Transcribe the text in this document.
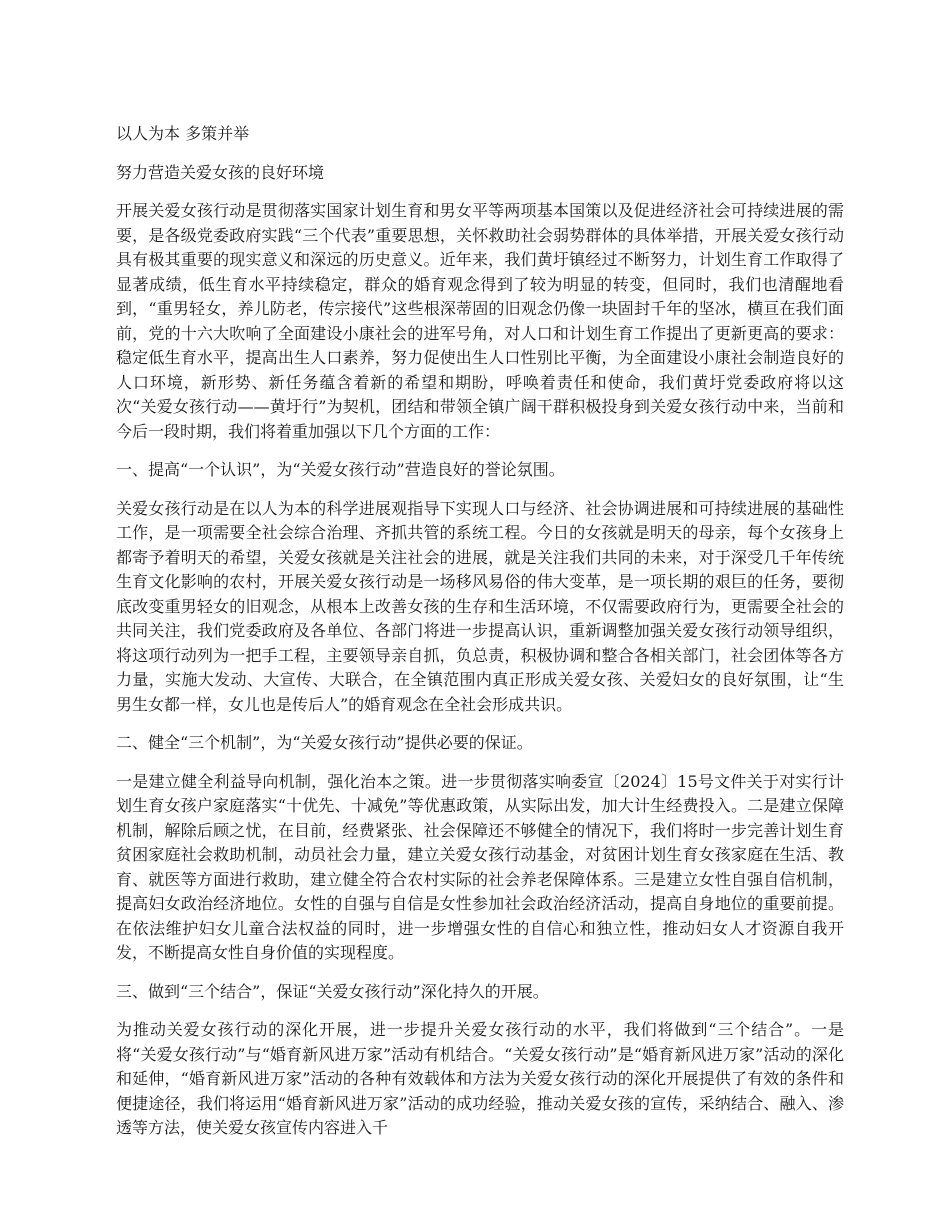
以人为本 多策并举
努力营造关爱女孩的良好环境
开展关爱女孩行动是贯彻落实国家计划生育和男女平等两项基本国策以及促进经济社会可持续进展的需要，是各级党委政府实践“三个代表”重要思想，关怀救助社会弱势群体的具体举措，开展关爱女孩行动具有极其重要的现实意义和深远的历史意义。近年来，我们黄圩镇经过不断努力，计划生育工作取得了显著成绩，低生育水平持续稳定，群众的婚育观念得到了较为明显的转变，但同时，我们也清醒地看到，“重男轻女，养儿防老，传宗接代”这些根深蒂固的旧观念仍像一块固封千年的坚冰，横亘在我们面前，党的十六大吹响了全面建设小康社会的进军号角，对人口和计划生育工作提出了更新更高的要求：稳定低生育水平，提高出生人口素养，努力促使出生人口性别比平衡，为全面建设小康社会制造良好的人口环境，新形势、新任务蕴含着新的希望和期盼，呼唤着责任和使命，我们黄圩党委政府将以这次“关爱女孩行动——黄圩行”为契机，团结和带领全镇广阔干群积极投身到关爱女孩行动中来，当前和今后一段时期，我们将着重加强以下几个方面的工作：
一、提高“一个认识”，为“关爱女孩行动”营造良好的誉论氛围。
关爱女孩行动是在以人为本的科学进展观指导下实现人口与经济、社会协调进展和可持续进展的基础性工作，是一项需要全社会综合治理、齐抓共管的系统工程。今日的女孩就是明天的母亲，每个女孩身上都寄予着明天的希望，关爱女孩就是关注社会的进展，就是关注我们共同的未来，对于深受几千年传统生育文化影响的农村，开展关爱女孩行动是一场移风易俗的伟大变革，是一项长期的艰巨的任务，要彻底改变重男轻女的旧观念，从根本上改善女孩的生存和生活环境，不仅需要政府行为，更需要全社会的共同关注，我们党委政府及各单位、各部门将进一步提高认识，重新调整加强关爱女孩行动领导组织，将这项行动列为一把手工程，主要领导亲自抓，负总责，积极协调和整合各相关部门，社会团体等各方力量，实施大发动、大宣传、大联合，在全镇范围内真正形成关爱女孩、关爱妇女的良好氛围，让“生男生女都一样，女儿也是传后人”的婚育观念在全社会形成共识。
二、健全“三个机制”，为“关爱女孩行动”提供必要的保证。
一是建立健全利益导向机制，强化治本之策。进一步贯彻落实响委宣〔2024〕15号文件关于对实行计划生育女孩户家庭落实“十优先、十减免”等优惠政策，从实际出发，加大计生经费投入。二是建立保障机制，解除后顾之忧，在目前，经费紧张、社会保障还不够健全的情况下，我们将时一步完善计划生育贫困家庭社会救助机制，动员社会力量，建立关爱女孩行动基金，对贫困计划生育女孩家庭在生活、教育、就医等方面进行救助，建立健全符合农村实际的社会养老保障体系。三是建立女性自强自信机制，提高妇女政治经济地位。女性的自强与自信是女性参加社会政治经济活动，提高自身地位的重要前提。在依法维护妇女儿童合法权益的同时，进一步增强女性的自信心和独立性，推动妇女人才资源自我开发，不断提高女性自身价值的实现程度。
三、做到“三个结合”，保证“关爱女孩行动”深化持久的开展。
为推动关爱女孩行动的深化开展，进一步提升关爱女孩行动的水平，我们将做到“三个结合”。一是将“关爱女孩行动”与“婚育新风进万家”活动有机结合。“关爱女孩行动”是“婚育新风进万家”活动的深化和延伸，“婚育新风进万家”活动的各种有效载体和方法为关爱女孩行动的深化开展提供了有效的条件和便捷途径，我们将运用“婚育新风进万家”活动的成功经验，推动关爱女孩的宣传，采纳结合、融入、渗透等方法，使关爱女孩宣传内容进入千
